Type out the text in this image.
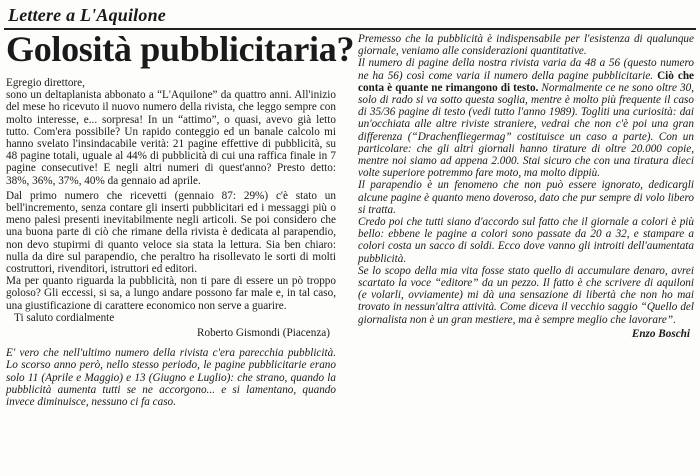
Lettere a L'Aquilone
Golosità pubblicitaria?

Egregio direttore,

sono un deltaplanista abbonato a “L'Aquilone” da quattro anni. All'inizio del mese ho ricevuto il nuovo numero della rivista, che leggo sempre con molto interesse, e... sorpresa! In un “attimo”, o quasi, avevo già letto tutto. Com'era possibile? Un rapido conteggio ed un banale calcolo mi hanno svelato l'insindacabile verità: 21 pagine effettive di pubblicità, su 48 pagine totali, uguale al 44% di pubblicità di cui una raffica finale in 7 pagine consecutive! E negli altri numeri di quest'anno? Presto detto: 38%, 36%, 37%, 40% da gennaio ad aprile.

Dal primo numero che ricevetti (gennaio 87: 29%) c'è stato un bell'incremento, senza contare gli inserti pubblicitari ed i messaggi più o meno palesi presenti inevitabilmente negli articoli. Se poi considero che una buona parte di ciò che rimane della rivista è dedicata al parapendio, non devo stupirmi di quanto veloce sia stata la lettura. Sia ben chiaro: nulla da dire sul parapendio, che peraltro ha risollevato le sorti di molti costruttori, rivenditori, istruttori ed editori.

Ma per quanto riguarda la pubblicità, non ti pare di essere un pò troppo goloso? Gli eccessi, si sa, a lungo andare possono far male e, in tal caso, una giustificazione di carattere economico non serve a guarire.

Ti saluto cordialmente

Roberto Gismondi (Piacenza)

E' vero che nell'ultimo numero della rivista c'era parecchia pubblicità. Lo scorso anno però, nello stesso periodo, le pagine pubblicitarie erano solo 11 (Aprile e Maggio) e 13 (Giugno e Luglio): che strano, quando la pubblicità aumenta tutti se ne accorgono... e si lamentano, quando invece diminuisce, nessuno ci fa caso.

Premesso che la pubblicità è indispensabile per l'esistenza di qualunque giornale, veniamo alle considerazioni quantitative.

Il numero di pagine della nostra rivista varia da 48 a 56 (questo numero ne ha 56) così come varia il numero della pagine pubblicitarie. Ciò che conta è quante ne rimangono di testo. Normalmente ce ne sono oltre 30, solo di rado si va sotto questa soglia, mentre è molto più frequente il caso di 35/36 pagine di testo (vedi tutto l'anno 1989). Togliti una curiosità: dai un'occhiata alle altre riviste straniere, vedrai che non c'è poi una gran differenza (“Drachenfliegermag” costituisce un caso a parte). Con un particolare: che gli altri giornali hanno tirature di oltre 20.000 copie, mentre noi siamo ad appena 2.000. Stai sicuro che con una tiratura dieci volte superiore potremmo fare moto, ma molto dippiù.

Il parapendio è un fenomeno che non può essere ignorato, dedicargli alcune pagine è quanto meno doveroso, dato che pur sempre di volo libero si tratta.

Credo poi che tutti siano d'accordo sul fatto che il giornale a colori è più bello: ebbene le pagine a colori sono passate da 20 a 32, e stampare a colori costa un sacco di soldi. Ecco dove vanno gli introiti dell'aumentata pubblicità.

Se lo scopo della mia vita fosse stato quello di accumulare denaro, avrei scartato la voce “editore” da un pezzo. Il fatto è che scrivere di aquiloni (e volarli, ovviamente) mi dà una sensazione di libertà che non ho mai trovato in nessun'altra attività. Come diceva il vecchio saggio “Quello del giornalista non è un gran mestiere, ma è sempre meglio che lavorare”.

Enzo Boschi
